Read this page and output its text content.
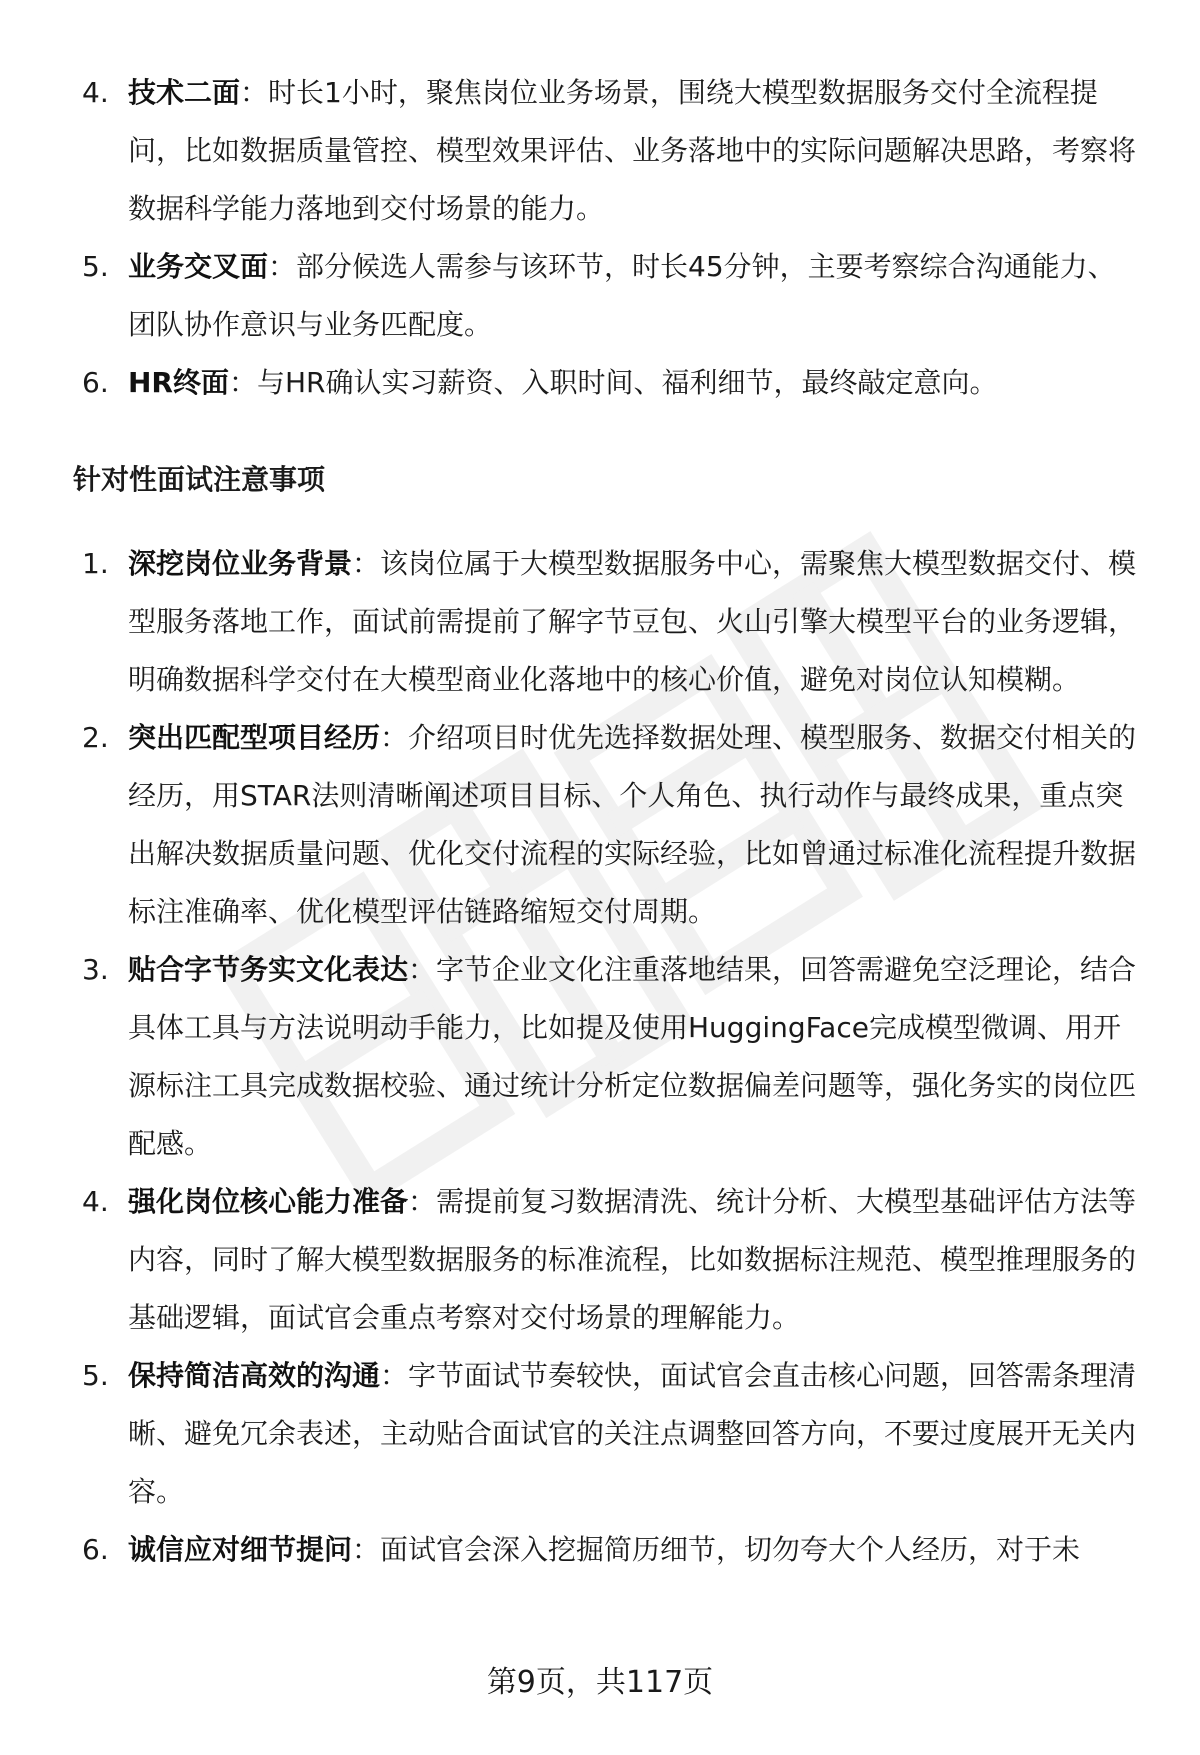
4. 技术二面：时长1小时，聚焦岗位业务场景，围绕大模型数据服务交付全流程提问，比如数据质量管控、模型效果评估、业务落地中的实际问题解决思路，考察将数据科学能力落地到交付场景的能力。
5. 业务交叉面：部分候选人需参与该环节，时长45分钟，主要考察综合沟通能力、团队协作意识与业务匹配度。
6. HR终面：与HR确认实习薪资、入职时间、福利细节，最终敲定意向。
针对性面试注意事项
1. 深挖岗位业务背景：该岗位属于大模型数据服务中心，需聚焦大模型数据交付、模型服务落地工作，面试前需提前了解字节豆包、火山引擎大模型平台的业务逻辑，明确数据科学交付在大模型商业化落地中的核心价值，避免对岗位认知模糊。
2. 突出匹配型项目经历：介绍项目时优先选择数据处理、模型服务、数据交付相关的经历，用STAR法则清晰阐述项目目标、个人角色、执行动作与最终成果，重点突出解决数据质量问题、优化交付流程的实际经验，比如曾通过标准化流程提升数据标注准确率、优化模型评估链路缩短交付周期。
3. 贴合字节务实文化表达：字节企业文化注重落地结果，回答需避免空泛理论，结合具体工具与方法说明动手能力，比如提及使用HuggingFace完成模型微调、用开源标注工具完成数据校验、通过统计分析定位数据偏差问题等，强化务实的岗位匹配感。
4. 强化岗位核心能力准备：需提前复习数据清洗、统计分析、大模型基础评估方法等内容，同时了解大模型数据服务的标准流程，比如数据标注规范、模型推理服务的基础逻辑，面试官会重点考察对交付场景的理解能力。
5. 保持简洁高效的沟通：字节面试节奏较快，面试官会直击核心问题，回答需条理清晰、避免冗余表述，主动贴合面试官的关注点调整回答方向，不要过度展开无关内容。
6. 诚信应对细节提问：面试官会深入挖掘简历细节，切勿夸大个人经历，对于未
第9页，共117页
